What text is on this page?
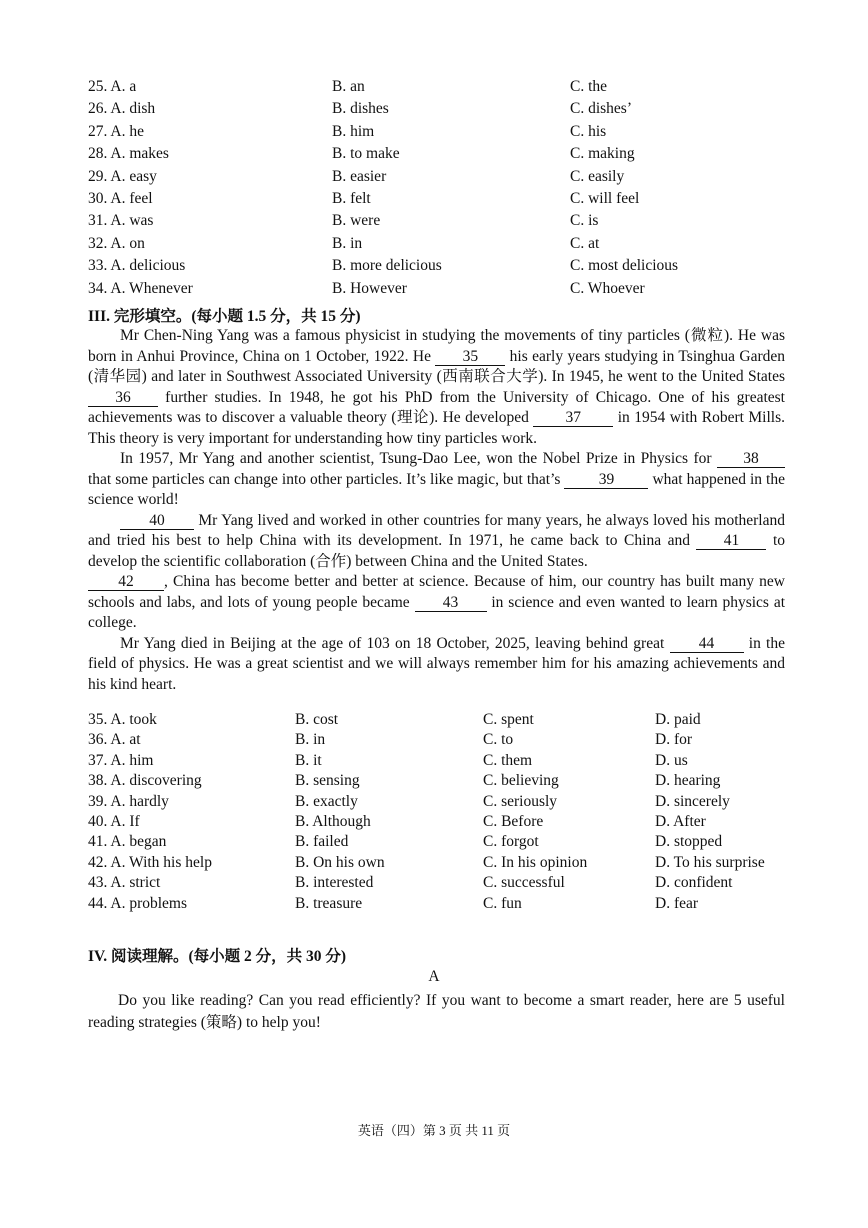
25. A. a	B. an	C. the
26. A. dish	B. dishes	C. dishes’
27. A. he	B. him	C. his
28. A. makes	B. to make	C. making
29. A. easy	B. easier	C. easily
30. A. feel	B. felt	C. will feel
31. A. was	B. were	C. is
32. A. on	B. in	C. at
33. A. delicious	B. more delicious	C. most delicious
34. A. Whenever	B. However	C. Whoever
III. 完形填空。(每小题 1.5 分，共 15 分)

Mr Chen-Ning Yang was a famous physicist in studying the movements of tiny particles (微粒). He was born in Anhui Province, China on 1 October, 1922. He 35 his early years studying in Tsinghua Garden (清华园) and later in Southwest Associated University (西南联合大学). In 1945, he went to the United States 36 further studies. In 1948, he got his PhD from the University of Chicago. One of his greatest achievements was to discover a valuable theory (理论). He developed 37 in 1954 with Robert Mills. This theory is very important for understanding how tiny particles work.

In 1957, Mr Yang and another scientist, Tsung-Dao Lee, won the Nobel Prize in Physics for 38 that some particles can change into other particles. It’s like magic, but that’s 39 what happened in the science world!

40 Mr Yang lived and worked in other countries for many years, he always loved his motherland and tried his best to help China with its development. In 1971, he came back to China and 41 to develop the scientific collaboration (合作) between China and the United States.

42 , China has become better and better at science. Because of him, our country has built many new schools and labs, and lots of young people became 43 in science and even wanted to learn physics at college.

Mr Yang died in Beijing at the age of 103 on 18 October, 2025, leaving behind great 44 in the field of physics. He was a great scientist and we will always remember him for his amazing achievements and his kind heart.

35. A. took	B. cost	C. spent	D. paid
36. A. at	B. in	C. to	D. for
37. A. him	B. it	C. them	D. us
38. A. discovering	B. sensing	C. believing	D. hearing
39. A. hardly	B. exactly	C. seriously	D. sincerely
40. A. If	B. Although	C. Before	D. After
41. A. began	B. failed	C. forgot	D. stopped
42. A. With his help	B. On his own	C. In his opinion	D. To his surprise
43. A. strict	B. interested	C. successful	D. confident
44. A. problems	B. treasure	C. fun	D. fear
IV. 阅读理解。(每小题 2 分，共 30 分)
A

Do you like reading? Can you read efficiently? If you want to become a smart reader, here are 5 useful reading strategies (策略) to help you!

英语（四）第 3 页 共 11 页
